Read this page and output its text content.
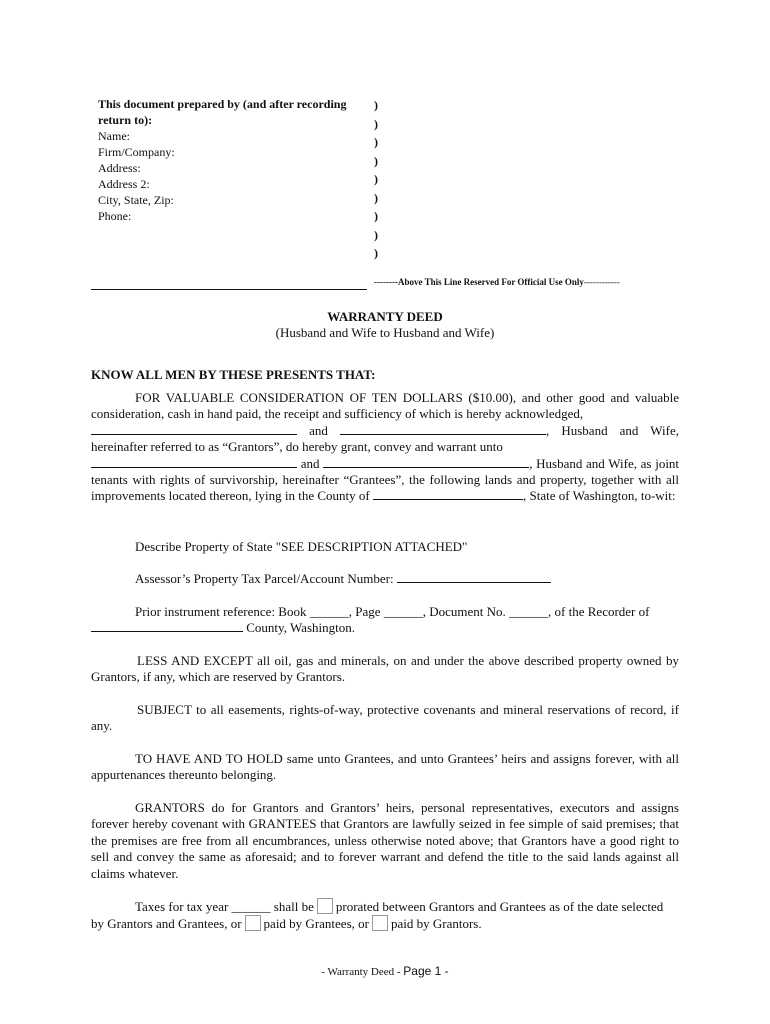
This document prepared by (and after recording return to):
Name:
Firm/Company:
Address:
Address 2:
City, State, Zip:
Phone:
)
)
)
)
)
)
)
)
)
--------Above This Line Reserved For Official Use Only------------
WARRANTY DEED
(Husband and Wife to Husband and Wife)
KNOW ALL MEN BY THESE PRESENTS THAT:
FOR VALUABLE CONSIDERATION OF TEN DOLLARS ($10.00), and other good and valuable consideration, cash in hand paid, the receipt and sufficiency of which is hereby acknowledged,
and	, Husband and Wife, hereinafter referred to as “Grantors”, do hereby grant, convey and warrant unto
and	, Husband and Wife, as joint tenants with rights of survivorship, hereinafter “Grantees”, the following lands and property, together with all improvements located thereon, lying in the County of	, State of Washington, to-wit:
Describe Property of State "SEE DESCRIPTION ATTACHED"
Assessor’s Property Tax Parcel/Account Number:
Prior instrument reference: Book ______, Page ______, Document No. ______, of the Recorder of
County, Washington.
LESS AND EXCEPT all oil, gas and minerals, on and under the above described property owned by Grantors, if any, which are reserved by Grantors.
SUBJECT to all easements, rights-of-way, protective covenants and mineral reservations of record, if any.
TO HAVE AND TO HOLD same unto Grantees, and unto Grantees’ heirs and assigns forever, with all appurtenances thereunto belonging.
GRANTORS do for Grantors and Grantors’ heirs, personal representatives, executors and assigns forever hereby covenant with GRANTEES that Grantors are lawfully seized in fee simple of said premises; that the premises are free from all encumbrances, unless otherwise noted above; that Grantors have a good right to sell and convey the same as aforesaid; and to forever warrant and defend the title to the said lands against all claims whatever.
Taxes for tax year ______ shall be prorated between Grantors and Grantees as of the date selected by Grantors and Grantees, or paid by Grantees, or paid by Grantors.
- Warranty Deed - Page 1 -
